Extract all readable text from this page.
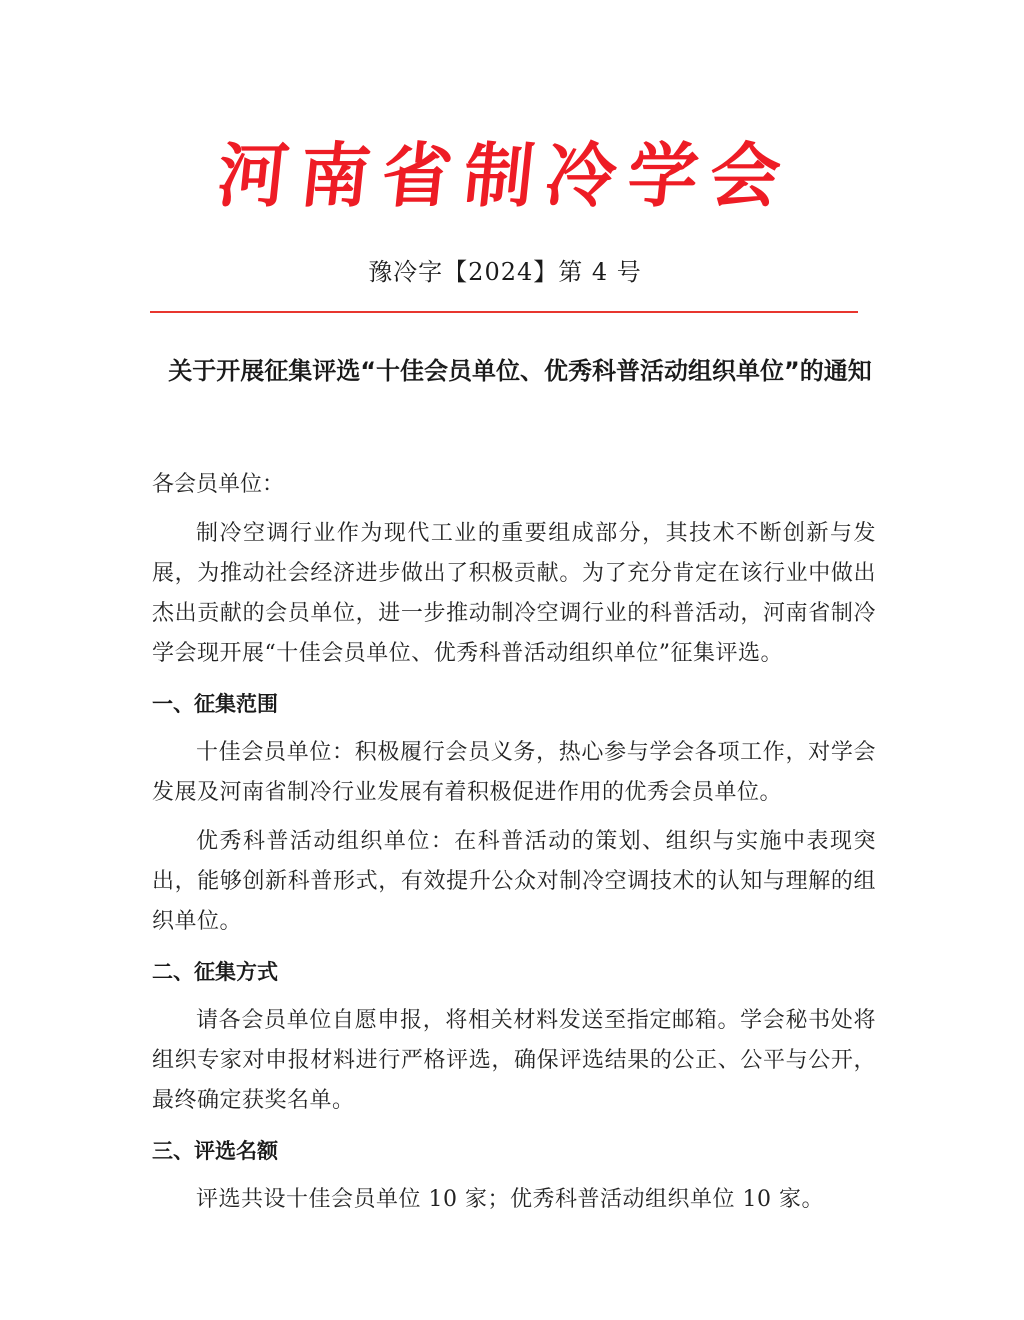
河南省制冷学会
豫冷字【2024】第 4 号
关于开展征集评选“十佳会员单位、优秀科普活动组织单位”的通知

各会员单位：

制冷空调行业作为现代工业的重要组成部分，其技术不断创新与发展，为推动社会经济进步做出了积极贡献。为了充分肯定在该行业中做出杰出贡献的会员单位，进一步推动制冷空调行业的科普活动，河南省制冷学会现开展“十佳会员单位、优秀科普活动组织单位”征集评选。

一、征集范围

十佳会员单位：积极履行会员义务，热心参与学会各项工作，对学会发展及河南省制冷行业发展有着积极促进作用的优秀会员单位。

优秀科普活动组织单位：在科普活动的策划、组织与实施中表现突出，能够创新科普形式，有效提升公众对制冷空调技术的认知与理解的组织单位。

二、征集方式

请各会员单位自愿申报，将相关材料发送至指定邮箱。学会秘书处将组织专家对申报材料进行严格评选，确保评选结果的公正、公平与公开，最终确定获奖名单。

三、评选名额

评选共设十佳会员单位 10 家；优秀科普活动组织单位 10 家。
